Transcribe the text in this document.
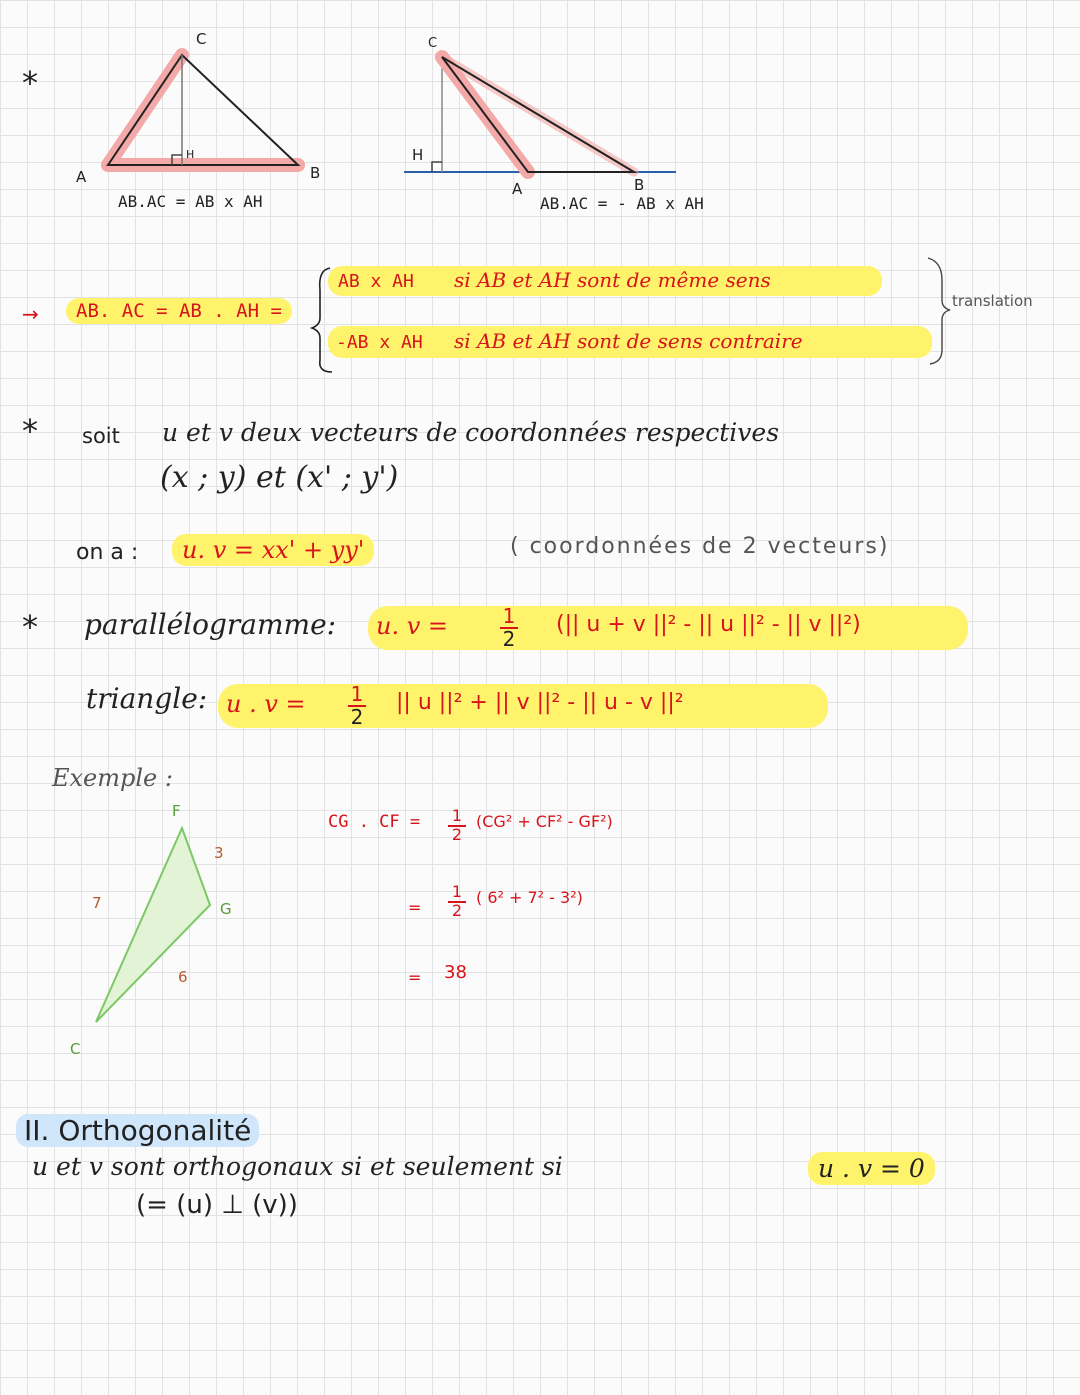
*
*
*
C
H
A	B
AB.AC = AB x AH
C
H
A	B
AB.AC = - AB x AH
→	AB. AC = AB . AH =
AB x AH si AB et AH sont de même sens
-AB x AH si AB et AH sont de sens contraire
translation
soit u et v deux vecteurs de coordonnées respectives
(x ; y) et (x' ; y')
on a :	u. v = xx' + yy'	( coordonnées de 2 vecteurs)
parallélogramme: u. v =	$\frac{1}{2}$ (|| u + v ||² - || u ||² - || v ||²)
triangle: u . $v = \frac{1}{2}$ || u ||² + || v ||² - || u - v ||²
Exemple :
F
G
C
7
3
6
CG . CF = $\frac{1}{2} (CG^2 + CF^2 - GF^2)$
= $\frac{1}{2}$ ( 6² + 7² - 3²)
= 38
II. Orthogonalité
u et v sont orthogonaux si et seulement si	u . v = 0
(= (u) ⊥ (v))
